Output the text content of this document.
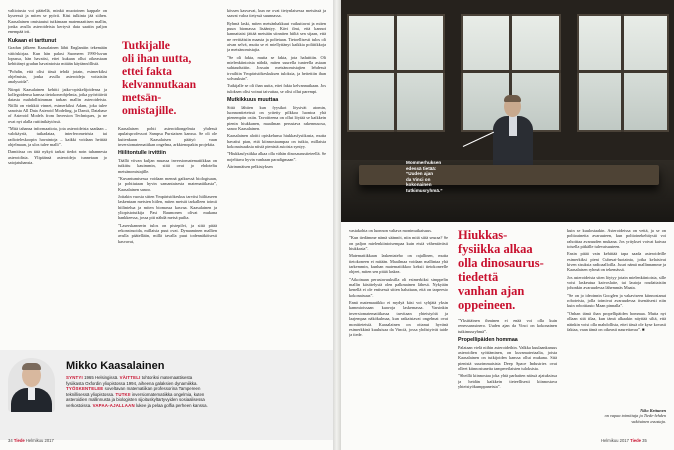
valtioiusta voi päätellä, minkä muotoinen kappale on kyseessä ja miten se pyörii. Käsi tulkinta jää siihen. Kaasalainen omistautui tutkimaan matemaattisen mallin, jonka avulla asteroideista kertyvä data saatiin paljon enempää irti.

Kukaan ei tarttunut

Gradun jälkeen Kaasalainen lähti Englantiin tekemään väitöskirjaa. Kun hän palasi Suomeen 1990-luvun lopussa, hän havaitsi, ettei kukaan ollut oikeastaan kehittänyt gradun havaintoista mitään käytännöllistä.

”Pohdin, että olisi tässä tehdä jotain, esimerkiksi ohjelmisto, jonka avulla asteroideja voitaisiin analysoida”.

Niinpä Kaasalainen kehitti jatko-opiskelijoidensa ja kollegoidensa kanssa tietokoneohjelmia, jotka pyörittävät datasta mahdollisimman tarkan mallin asteroideista. Niillä on vinkkiä vinnet, esimerkiksi Adam, joka tulee sanoista All Data Asteroid Modeling, ja Damit, Database of Asteroid Models from Inversion Techniques, ja ne ovat nyt alalla ruttiinikäytössä.

”Mitä tahansa informaatiota, jota asteroideista saadaan – valokäyriä, tutkadataa, interferometrisia tai radioteleskoopin havaintoja – kaikki voidaan heittää ohjelmaan, ja ulos tulee malli”.

Damitissa on tätä nykyä tarkat tiedot noin tuhannesta asteroidista. Ylipäänsä asteroideja tunnetaan jo satojatuhansia.

Tutkijalle
oli ihan uutta,
ettei fakta
kelvannutkaan
metsän-
omistajille.

Kaasalaisen pohti asteroidiongelmia yhdessä apulaisprofessori Sampsa Pursiaisen kanssa. Se oli ole kuitenkaan Kaasalaisen päätyö vaan inversiomatematiikan ongelma, arkkienopakin projektia.

Hiilitontulle irvittiin

Täällä viivan kuljan muassa inversiomatematiikkaa on tutkittu kauimmin, siitä ovat jo ehdoteltu metsänomistajille.

”Kuvantumisessa voidaan mennä gaiksessä biologisaan, ja pohtiutaan hyvin samantaisesta matematiikasta”, Kaasalainen sanoo.

Joitakin vuosia sitten Ympäristökeskus tarvitsi hiilitaseen laskentaan metsien hiilen, miten metsät tarkalleen toimii hiilinielua ja miten biomassa kasvaa. Kaasalainen ja yliopistotutkija Pasi Raumonen olivat mukana hankkeessa, jossa piti nähdä metsä puilta.

”Laserskannerin tulos on pistepilvi, ja siitä pitää rekonstruoida, millaisia puut ovat. Dynaaminen mallien avulla päätellään, millä tavalla puut todennäköisesti kasvavat,

kössen kasvavat, kun ne ovat tietynlaisessa metsässä ja saavat valoa tietyssä suunnassa.

Ryhmä laski, miten metsänhakkuut vaikuttavat ja miten puun biomassa lisääntyy. Kävi ilmi, että kannot kannattaisi jättää metsään siinniten hiiltä sen sijaan, että ne revittäisiin maasta ja poltetaan. Tietoellisesti tulos oli aivan selvä, mutta se ei miellyttänyt kaikkia poliitikkoja ja metsänomistajia.

”Se oli fakta, mutta se fakta, jota halutttiin. Oli mielenkiintoista nähdä, miten suurella tunteella asiaan suhtauduttiin. Jossain metsänomistajien lehdessä irvailtiin Ympäristökeskuksen tuloksia, ja heitettiin ihan solvauksin”.

Tutkijalle se oli ihan uutta, ettei fakta kelvannutkaan. Jos tuloksen olisi voinut taivuttaa, se olisi ollut parempi.

Mutkikkuus muuttaa

Sittä lähtien kun fyysikot löysivät atomin, luonnontieteissä on yritetty pilkkoa luontoa yhä pienempiin osiin. Tavoitteena on ollut löytää se kaikkein pienin hiukkanen, maailman perustava rakennusosa, sanoo Kaasalainen.

Kaasalainen aloitti opiskelunsa hiukkasfysiikasta, mutta havaitsi pian, että kiinnostaampaa on tutkia, millaisia kokonaisuuksia niistä pienistä asioista syntyy.

”Hiukkasfysiikka alkaa olla vähän dinosaurustieteellä. Se nojelttava hyvin vanhaan paradigmaan”.

Äärimmäisen pelkistyksen

Mikko Kaasalainen
SYNTYI 1965 Helsingissä. VÄITTELI tohtoriksi matemaattisesta
fysiikasta Oxfordin yliopistossa 1994, aiheena galaksien dynamiikka.
TYÖSKENTELEE soveltavan matematiikan professorina Tampereen
teknillisessä yliopistossa. TUTKII inversiomatematiikka ongelmia, kuten
asteroidien mallinnusta ja biologisten sijoituskyltartyvyiden sosiaalisessa
verkostoissa. VAPAA-AJALLAAN lukee ja pelaa golfia perheen kanssa.
34 Tiede Helmikuu 2017
Mommerhuksen
edessä tietää:
”Uuden ajan
da Vinci on
kokonainen
tutkimusryhmä.”

vastakohta on luonnon valtava monimutkaisuus.

”Kun tiedämme nämä säännöt, niin mitä siitä seuraa? Se on paljon mielenkiintoisempaa kuin etsiä vähentävästi hiukkasia”.

Matematiikkaan laskentateho on rajallinen, mutta tietokoneen ei mitään. Maailmaa voidaan mallintaa yhä tarkemmin, kunhan matematiikkoo keksii tietokoneelle ohjeet, miten sen pitää laskea.

”Aikoinaan perustavuuksilla oli esimerkiksi simppelin mallin käsittelystä olen palkmainen lähesä. Nykyään kenellä ei ole entisessä sitten haluttaan, että on tarpeesto kokonaisuus”.

Ennä matemaatikko ei mydyä käsi voi syhjätä yksin kammioissaan kaavoja laskemassa. Varsinkin inversiomatematiikassa tarvitaan yhteistyötä ja laajempaa näkökulmaa, kun ratkaistavat ongelmat ovat monitieteisiä. Kaasalainen on ottanut hyvänä esimerkkinä kuuluisaa da Vinciä, jossa yhdistyivät taide ja tiede.

Hiukkas-
fysiikka alkaa
olla dinosaurus-
tiedettä
vanhan ajan
oppeineen.

”Yksittäinen ihminen ei enää voi olla kuin renessanssinero. Uuden ajan da Vinci on kokonainen tutkimusryhmä”.

Propellipäiden hommaa

Palataan vielä niihin asteroideihin. Valkka kuulaankaruus asteroidien syöttäminen, on kuvamateriaalia, joista Kaasalainen on tutkijoiden kanssa ollut mukana. Sitä pienistä suurimmaisista Deep Space Industries ovat olleet kiinnostuneita tampereilaisten tuloksista.

”Sheillä kiinnostaa joka yhtä parhaiten näissä ajatuksissa ja heidän kaikkein tieteellisesti kiinnostava yhteistyökumppaneista”.

kuin se kuulostaakin. Asteroideissa on vettä, ja se on polttoainetta avaruuteen, kun polttoinekehitystä voi rahoittaa avaruuden mukana. Jos yritykset voivat kaivaa toisella pitkälle tulevaisuuteen.

Ensin pitää vain kehittää tapa saada asteroideille esimerkiksi pieni Cubesat-luotainta, jotka kelaisivat kiven sisuksia radioaalloilla. Juuri nämä mallinnamme ja Kaasalaisen ryhmä on tekemässä.

Jos asteroideista siten löytyy jotain mielenkiintoista, sille voisi laskeutua kaivoslaite, tai lautoja roudattaisiin johonkin avaruudessa lähemmäs Maata.

”Se on jo ideoinnin Googlen ja vakaviseen kiinnostanut roboteista, jolla toimivat avaruudessa itsenäisesti niin kuin robottiauto Maan pinnalla”.

”Onhan tämä ihan propellipäiden hommaa. Mutta nyt ollaan sitä tilaa, kun tämä alkaakin näyttää siltä, että näinkin voisi olla mahdollista, ettei tässä ole kyse kovasti faktaa, vaan tämä on oikeasti naurettavaa”. ■

Niko Kettunen
on vapaa toimittaja ja Tiede-lehden
vakituinen avustaja.
Helmikuu 2017 Tiede 35
